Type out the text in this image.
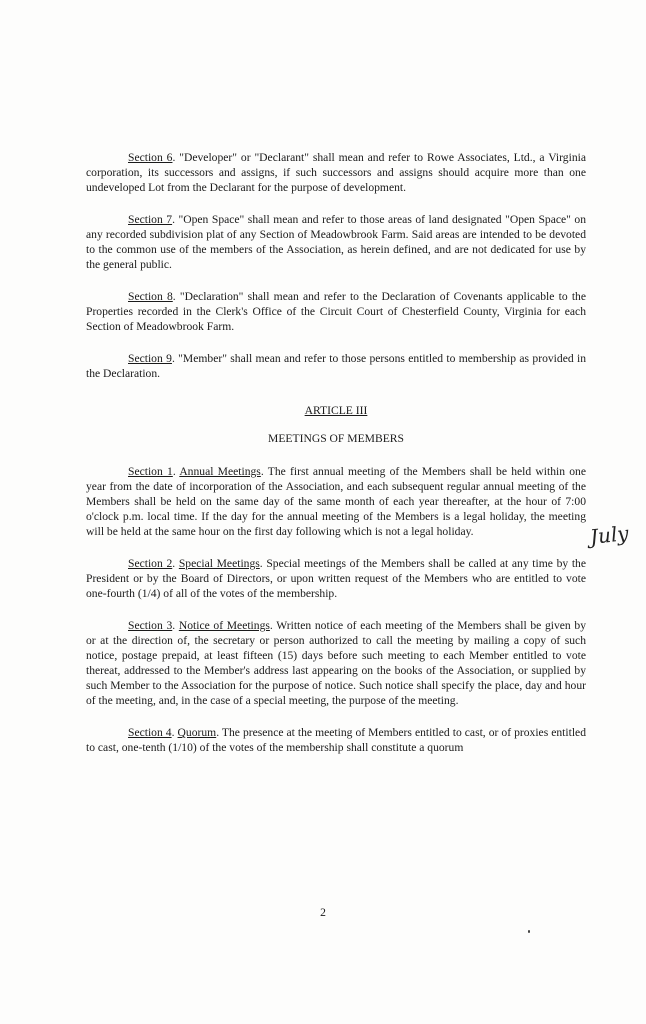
Section 6. "Developer" or "Declarant" shall mean and refer to Rowe Associates, Ltd., a Virginia corporation, its successors and assigns, if such successors and assigns should acquire more than one undeveloped Lot from the Declarant for the purpose of development.

Section 7. "Open Space" shall mean and refer to those areas of land designated "Open Space" on any recorded subdivision plat of any Section of Meadowbrook Farm. Said areas are intended to be devoted to the common use of the members of the Association, as herein defined, and are not dedicated for use by the general public.

Section 8. "Declaration" shall mean and refer to the Declaration of Covenants applicable to the Properties recorded in the Clerk's Office of the Circuit Court of Chesterfield County, Virginia for each Section of Meadowbrook Farm.

Section 9. "Member" shall mean and refer to those persons entitled to membership as provided in the Declaration.

ARTICLE III
MEETINGS OF MEMBERS

Section 1. Annual Meetings. The first annual meeting of the Members shall be held within one year from the date of incorporation of the Association, and each subsequent regular annual meeting of the Members shall be held on the same day of the same month of each year thereafter, at the hour of 7:00 o'clock p.m. local time. If the day for the annual meeting of the Members is a legal holiday, the meeting will be held at the same hour on the first day following which is not a legal holiday.

Section 2. Special Meetings. Special meetings of the Members shall be called at any time by the President or by the Board of Directors, or upon written request of the Members who are entitled to vote one-fourth (1/4) of all of the votes of the membership.

Section 3. Notice of Meetings. Written notice of each meeting of the Members shall be given by or at the direction of, the secretary or person authorized to call the meeting by mailing a copy of such notice, postage prepaid, at least fifteen (15) days before such meeting to each Member entitled to vote thereat, addressed to the Member's address last appearing on the books of the Association, or supplied by such Member to the Association for the purpose of notice. Such notice shall specify the place, day and hour of the meeting, and, in the case of a special meeting, the purpose of the meeting.

Section 4. Quorum. The presence at the meeting of Members entitled to cast, or of proxies entitled to cast, one-tenth (1/10) of the votes of the membership shall constitute a quorum

July
2
